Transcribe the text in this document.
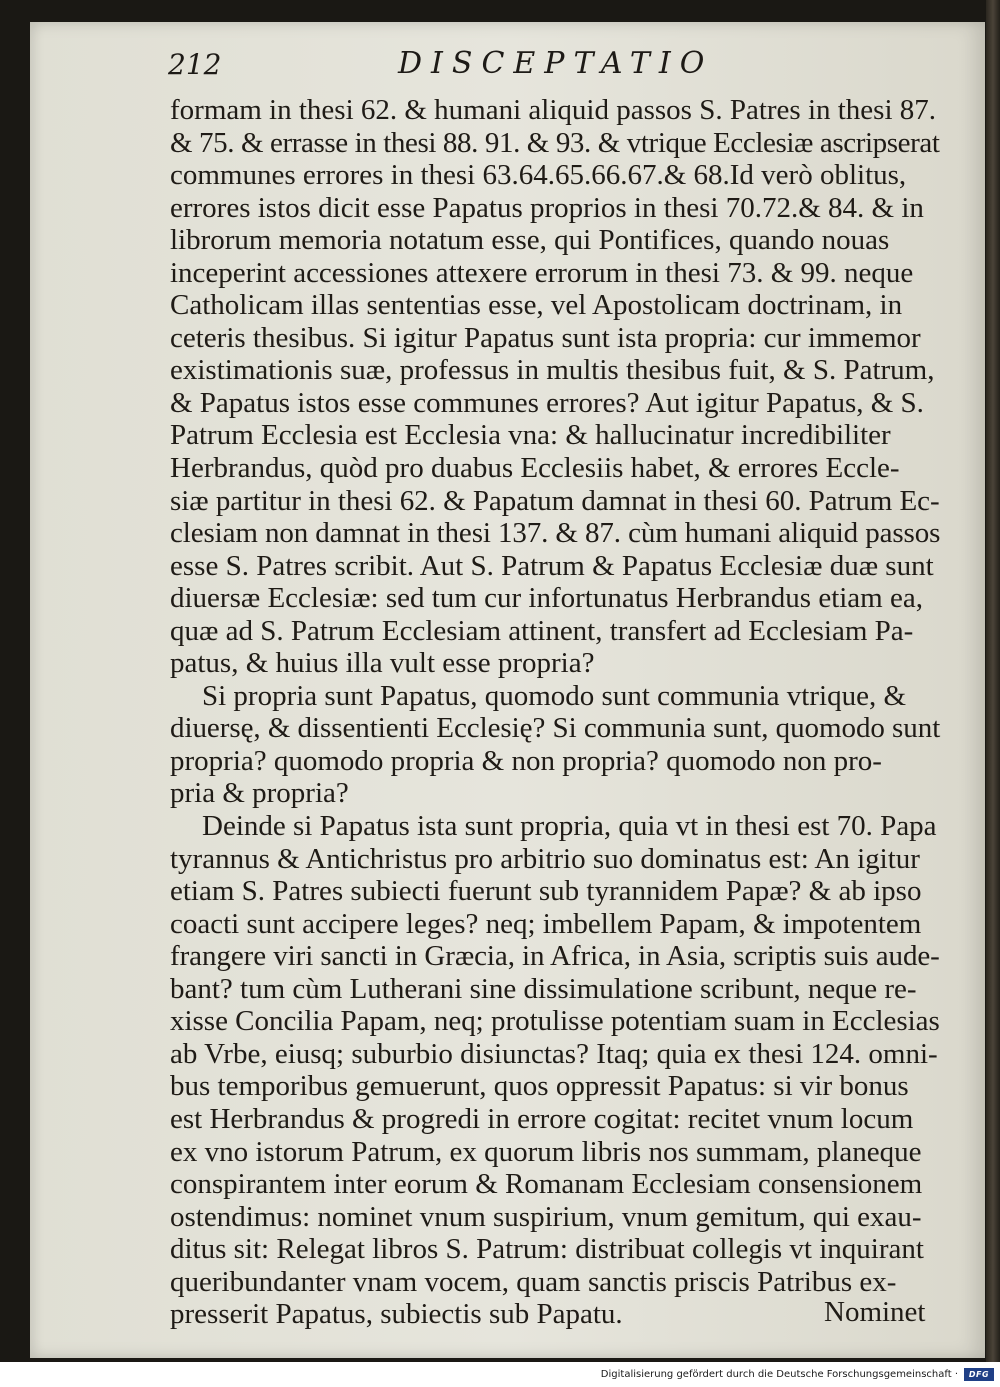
212	DISCEPTATIO
formam in thesi 62. & humani aliquid passos S. Patres in thesi 87.
& 75. & errasse in thesi 88. 91. & 93. & vtrique Ecclesiæ ascripserat
communes errores in thesi 63.64.65.66.67.& 68.Id verò oblitus,
errores istos dicit esse Papatus proprios in thesi 70.72.& 84. & in
librorum memoria notatum esse, qui Pontifices, quando nouas
inceperint accessiones attexere errorum in thesi 73. & 99. neque
Catholicam illas sententias esse, vel Apostolicam doctrinam, in
ceteris thesibus. Si igitur Papatus sunt ista propria: cur immemor
existimationis suæ, professus in multis thesibus fuit, & S. Patrum,
& Papatus istos esse communes errores? Aut igitur Papatus, & S.
Patrum Ecclesia est Ecclesia vna: & hallucinatur incredibiliter
Herbrandus, quòd pro duabus Ecclesiis habet, & errores Eccle-
siæ partitur in thesi 62. & Papatum damnat in thesi 60. Patrum Ec-
clesiam non damnat in thesi 137. & 87. cùm humani aliquid passos
esse S. Patres scribit. Aut S. Patrum & Papatus Ecclesiæ duæ sunt
diuersæ Ecclesiæ: sed tum cur infortunatus Herbrandus etiam ea,
quæ ad S. Patrum Ecclesiam attinent, transfert ad Ecclesiam Pa-
patus, & huius illa vult esse propria?
Si propria sunt Papatus, quomodo sunt communia vtrique, &
diuersę, & dissentienti Ecclesię? Si communia sunt, quomodo sunt
propria? quomodo propria & non propria? quomodo non pro-
pria & propria?
Deinde si Papatus ista sunt propria, quia vt in thesi est 70. Papa
tyrannus & Antichristus pro arbitrio suo dominatus est: An igitur
etiam S. Patres subiecti fuerunt sub tyrannidem Papæ? & ab ipso
coacti sunt accipere leges? neq; imbellem Papam, & impotentem
frangere viri sancti in Græcia, in Africa, in Asia, scriptis suis aude-
bant? tum cùm Lutherani sine dissimulatione scribunt, neque re-
xisse Concilia Papam, neq; protulisse potentiam suam in Ecclesias
ab Vrbe, eiusq; suburbio disiunctas? Itaq; quia ex thesi 124. omni-
bus temporibus gemuerunt, quos oppressit Papatus: si vir bonus
est Herbrandus & progredi in errore cogitat: recitet vnum locum
ex vno istorum Patrum, ex quorum libris nos summam, planeque
conspirantem inter eorum & Romanam Ecclesiam consensionem
ostendimus: nominet vnum suspirium, vnum gemitum, qui exau-
ditus sit: Relegat libros S. Patrum: distribuat collegis vt inquirant
queribundanter vnam vocem, quam sanctis priscis Patribus ex-
presserit Papatus, subiectis sub Papatu.	Nominet
Digitalisierung gefördert durch die Deutsche Forschungsgemeinschaft ·	DFG
